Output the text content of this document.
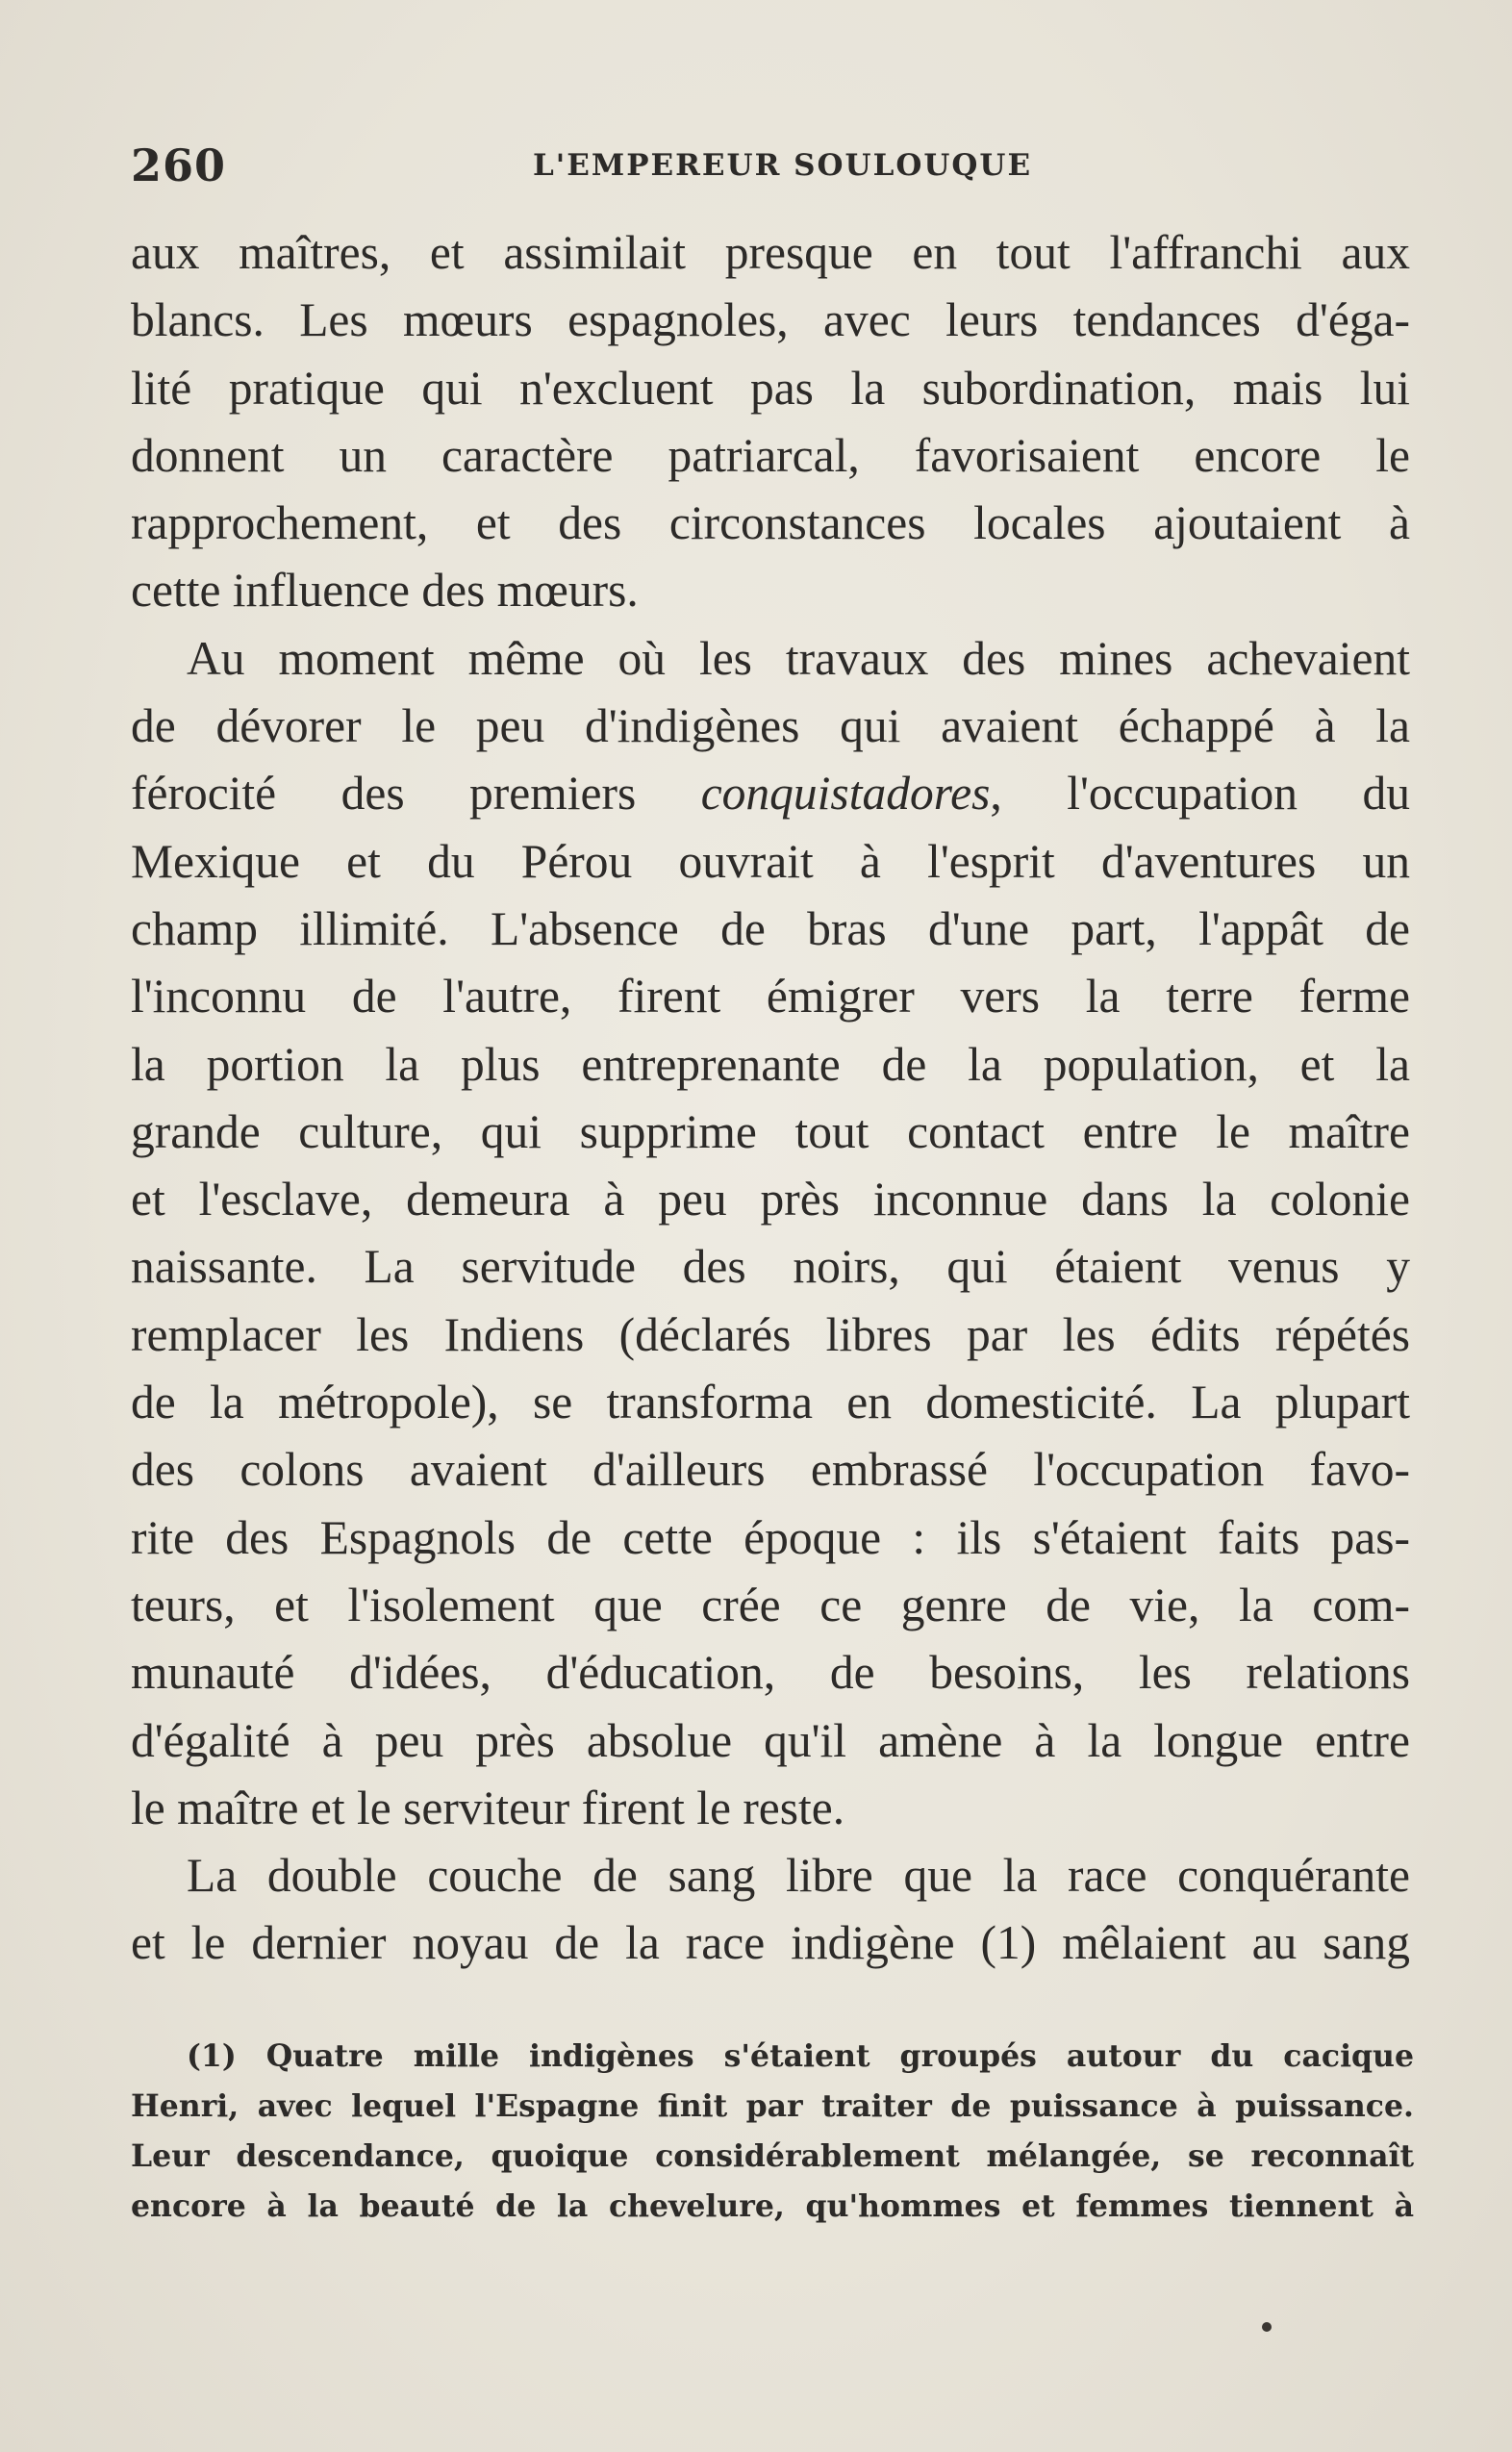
260	L'EMPEREUR SOULOUQUE
aux maîtres, et assimilait presque en tout l'affranchi aux
blancs. Les mœurs espagnoles, avec leurs tendances d'éga-
lité pratique qui n'excluent pas la subordination, mais lui
donnent un caractère patriarcal, favorisaient encore le
rapprochement, et des circonstances locales ajoutaient à
cette influence des mœurs.
Au moment même où les travaux des mines achevaient
de dévorer le peu d'indigènes qui avaient échappé à la
férocité des premiers conquistadores, l'occupation du
Mexique et du Pérou ouvrait à l'esprit d'aventures un
champ illimité. L'absence de bras d'une part, l'appât de
l'inconnu de l'autre, firent émigrer vers la terre ferme
la portion la plus entreprenante de la population, et la
grande culture, qui supprime tout contact entre le maître
et l'esclave, demeura à peu près inconnue dans la colonie
naissante. La servitude des noirs, qui étaient venus y
remplacer les Indiens (déclarés libres par les édits répétés
de la métropole), se transforma en domesticité. La plupart
des colons avaient d'ailleurs embrassé l'occupation favo-
rite des Espagnols de cette époque : ils s'étaient faits pas-
teurs, et l'isolement que crée ce genre de vie, la com-
munauté d'idées, d'éducation, de besoins, les relations
d'égalité à peu près absolue qu'il amène à la longue entre
le maître et le serviteur firent le reste.
La double couche de sang libre que la race conquérante
et le dernier noyau de la race indigène (1) mêlaient au sang
(1) Quatre mille indigènes s'étaient groupés autour du cacique
Henri, avec lequel l'Espagne finit par traiter de puissance à puissance.
Leur descendance, quoique considérablement mélangée, se reconnaît
encore à la beauté de la chevelure, qu'hommes et femmes tiennent à
